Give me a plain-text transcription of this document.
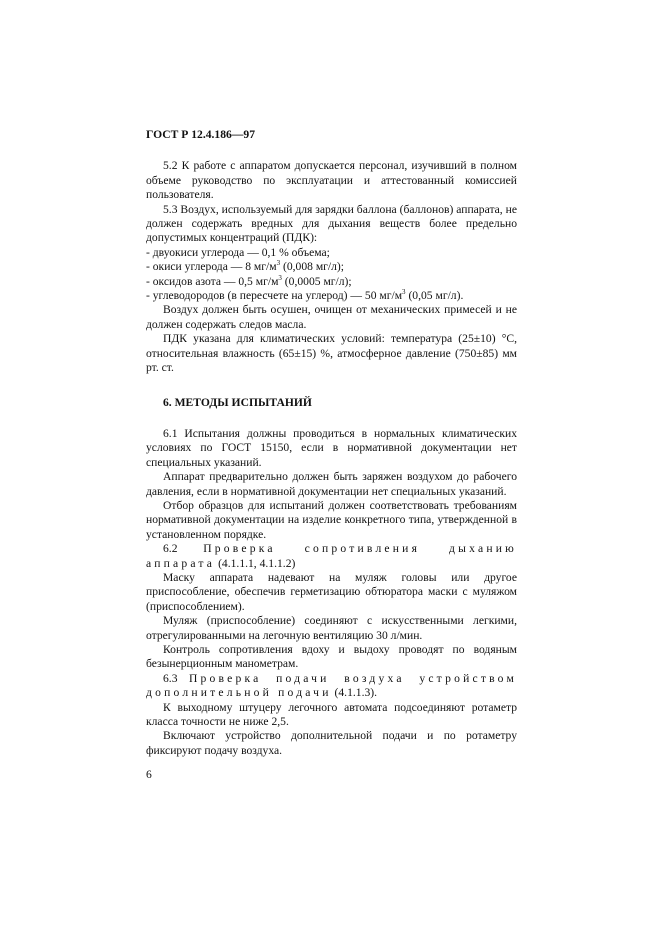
ГОСТ Р 12.4.186—97

5.2 К работе с аппаратом допускается персонал, изучивший в полном объеме руководство по эксплуатации и аттестованный комиссией пользователя.

5.3 Воздух, используемый для зарядки баллона (баллонов) аппарата, не должен содержать вредных для дыхания веществ более предельно допустимых концентраций (ПДК):

- двуокиси углерода — 0,1 % объема;

- окиси углерода — 8 $мг/м^3$ (0,008 мг/л);

- оксидов азота — 0,5 $мг/м^3$ (0,0005 мг/л);

- углеводородов (в пересчете на углерод) — 50 $мг/м^3$ (0,05 мг/л).

Воздух должен быть осушен, очищен от механических примесей и не должен содержать следов масла.

ПДК указана для климатических условий: температура (25±10) °С, относительная влажность (65±15) %, атмосферное давление (750±85) мм рт. ст.

6. МЕТОДЫ ИСПЫТАНИЙ

6.1 Испытания должны проводиться в нормальных климатических условиях по ГОСТ 15150, если в нормативной документации нет специальных указаний.

Аппарат предварительно должен быть заряжен воздухом до рабочего давления, если в нормативной документации нет специальных указаний.

Отбор образцов для испытаний должен соответствовать требованиям нормативной документации на изделие конкретного типа, утвержденной в установленном порядке.

6.2 Проверка сопротивления дыханию аппарата (4.1.1.1, 4.1.1.2)

Маску аппарата надевают на муляж головы или другое приспособление, обеспечив герметизацию обтюратора маски с муляжом (приспособлением).

Муляж (приспособление) соединяют с искусственными легкими, отрегулированными на легочную вентиляцию 30 л/мин.

Контроль сопротивления вдоху и выдоху проводят по водяным безынерционным манометрам.

6.3 Проверка подачи воздуха устройством дополнительной подачи (4.1.1.3).

К выходному штуцеру легочного автомата подсоединяют ротаметр класса точности не ниже 2,5.

Включают устройство дополнительной подачи и по ротаметру фиксируют подачу воздуха.

6
